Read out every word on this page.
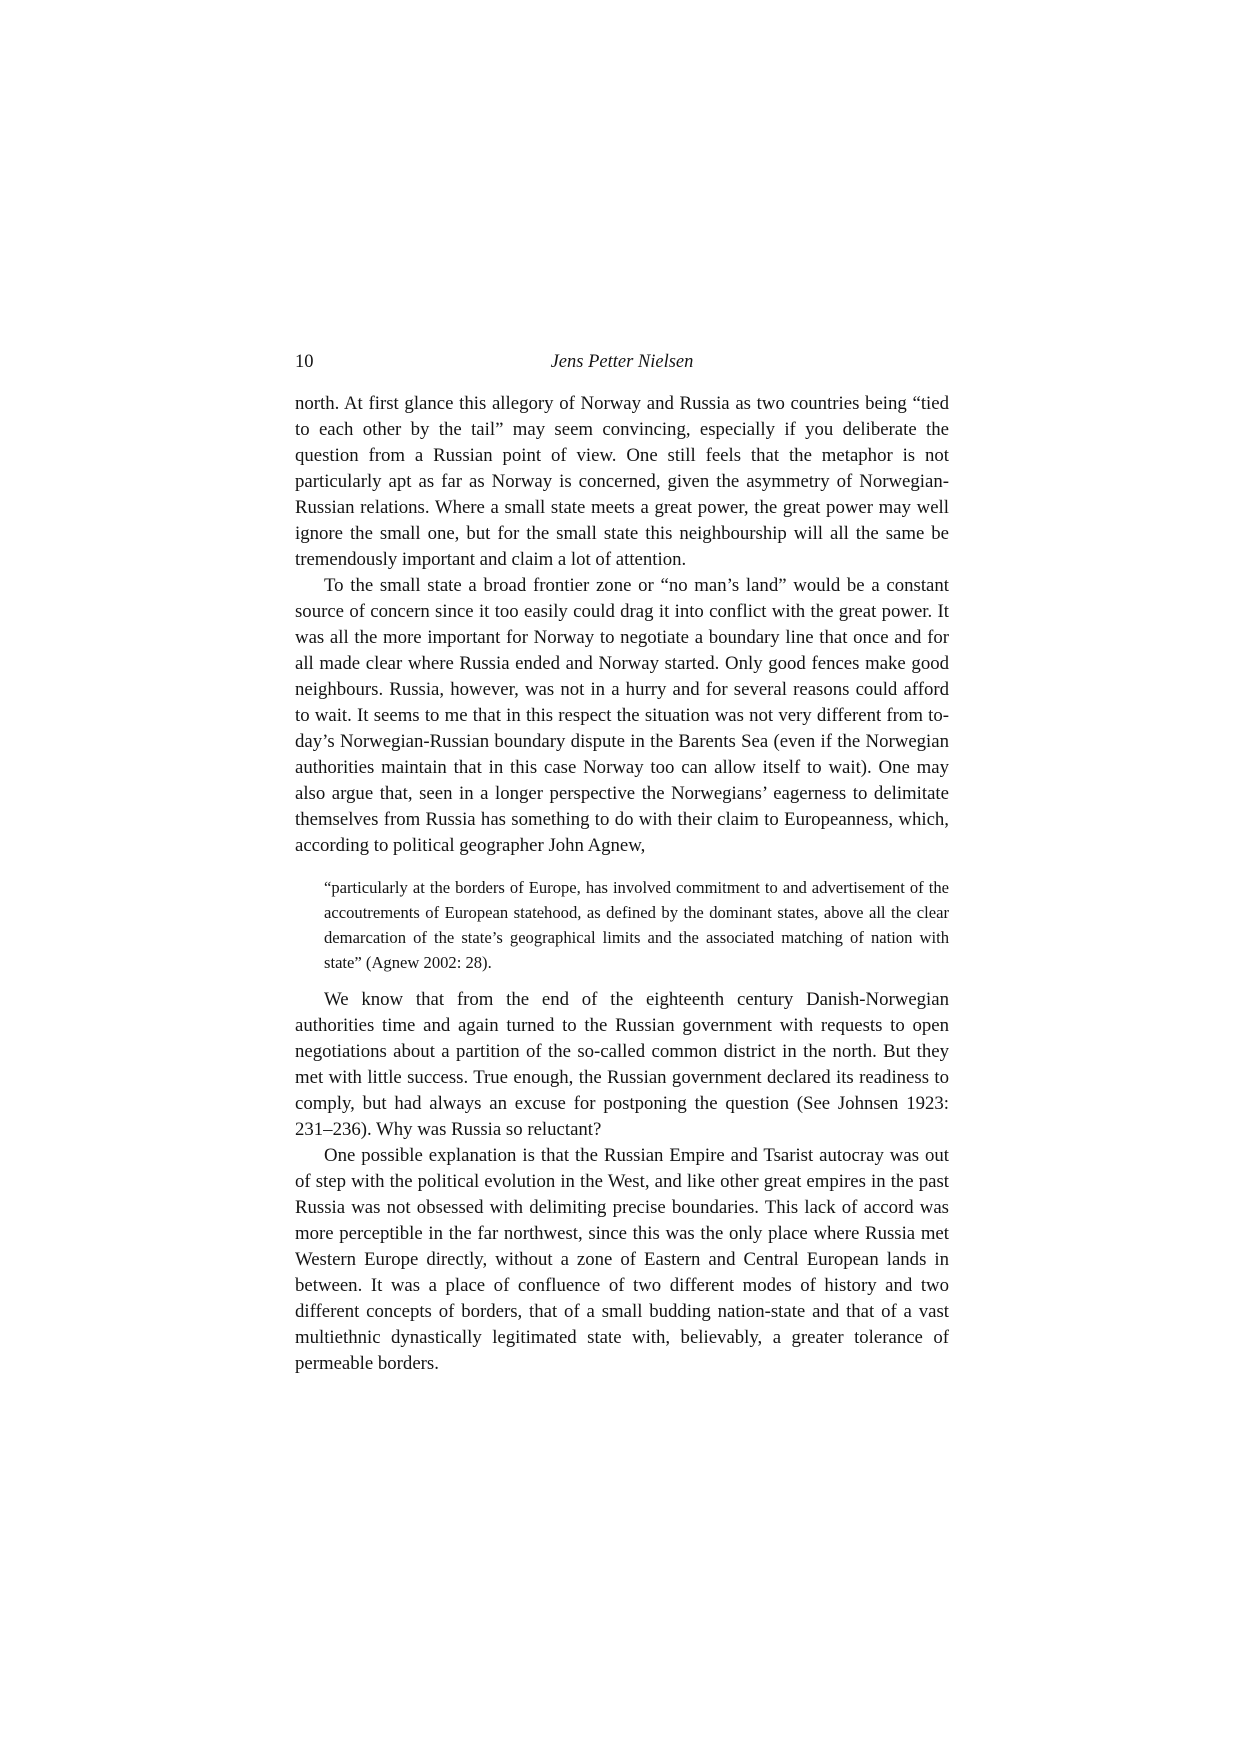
10	Jens Petter Nielsen

north. At first glance this allegory of Norway and Russia as two countries being “tied to each other by the tail” may seem convincing, especially if you deliberate the question from a Russian point of view. One still feels that the metaphor is not particularly apt as far as Norway is concerned, given the asymmetry of Norwegian-Russian relations. Where a small state meets a great power, the great power may well ignore the small one, but for the small state this neighbourship will all the same be tremendously important and claim a lot of attention.

To the small state a broad frontier zone or “no man’s land” would be a constant source of concern since it too easily could drag it into conflict with the great power. It was all the more important for Norway to negotiate a boundary line that once and for all made clear where Russia ended and Norway started. Only good fences make good neighbours. Russia, however, was not in a hurry and for several reasons could afford to wait. It seems to me that in this respect the situation was not very different from to-day’s Norwegian-Russian boundary dispute in the Barents Sea (even if the Norwegian authorities maintain that in this case Norway too can allow itself to wait). One may also argue that, seen in a longer perspective the Norwegians’ eagerness to delimitate themselves from Russia has something to do with their claim to Europeanness, which, according to political geographer John Agnew,

“particularly at the borders of Europe, has involved commitment to and advertisement of the accoutrements of European statehood, as defined by the dominant states, above all the clear demarcation of the state’s geographical limits and the associated matching of nation with state” (Agnew 2002: 28).

We know that from the end of the eighteenth century Danish-Norwegian authorities time and again turned to the Russian government with requests to open negotiations about a partition of the so-called common district in the north. But they met with little success. True enough, the Russian government declared its readiness to comply, but had always an excuse for postponing the question (See Johnsen 1923: 231–236). Why was Russia so reluctant?

One possible explanation is that the Russian Empire and Tsarist autocray was out of step with the political evolution in the West, and like other great empires in the past Russia was not obsessed with delimiting precise boundaries. This lack of accord was more perceptible in the far northwest, since this was the only place where Russia met Western Europe directly, without a zone of Eastern and Central European lands in between. It was a place of confluence of two different modes of history and two different concepts of borders, that of a small budding nation-state and that of a vast multiethnic dynastically legitimated state with, believably, a greater tolerance of permeable borders.
